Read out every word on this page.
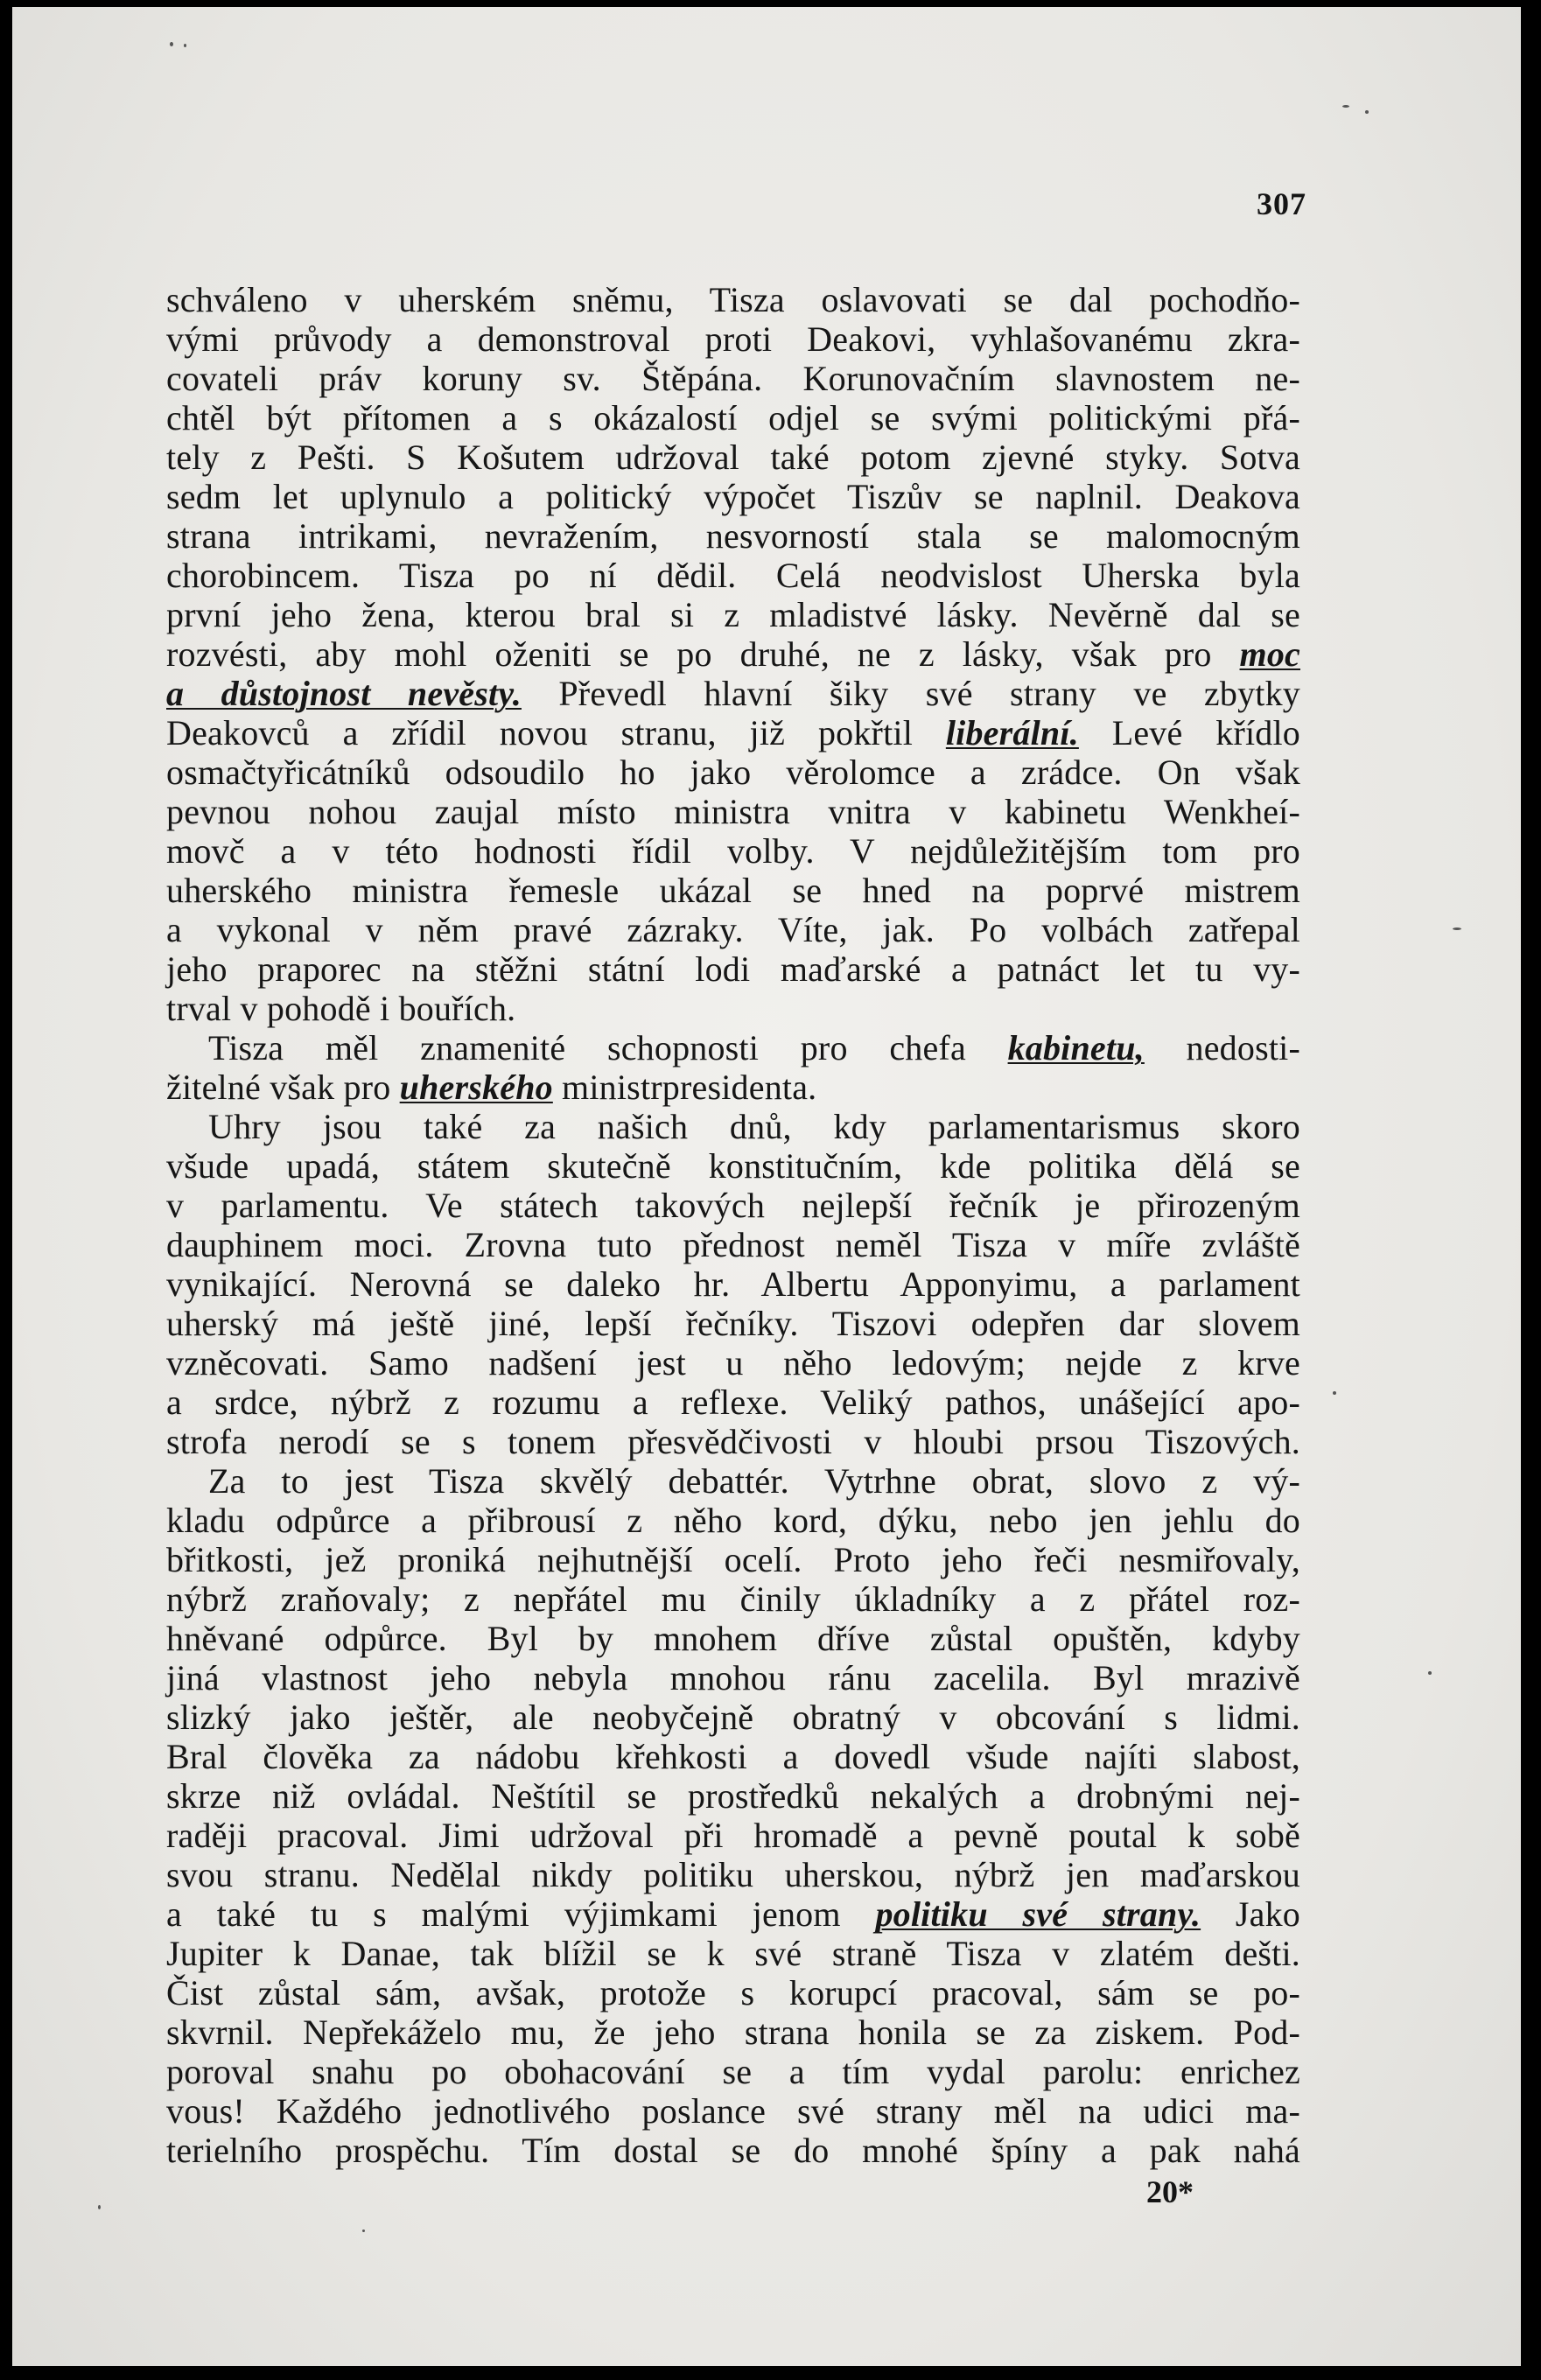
307
schváleno v uherském sněmu, Tisza oslavovati se dal pochodňo-
vými průvody a demonstroval proti Deakovi, vyhlašovanému zkra-
covateli práv koruny sv. Štěpána. Korunovačním slavnostem ne-
chtěl být přítomen a s okázalostí odjel se svými politickými přá-
tely z Pešti. S Košutem udržoval také potom zjevné styky. Sotva
sedm let uplynulo a politický výpočet Tiszův se naplnil. Deakova
strana intrikami, nevražením, nesvorností stala se malomocným
chorobincem. Tisza po ní dědil. Celá neodvislost Uherska byla
první jeho žena, kterou bral si z mladistvé lásky. Nevěrně dal se
rozvésti, aby mohl oženiti se po druhé, ne z lásky, však pro moc
a důstojnost nevěsty. Převedl hlavní šiky své strany ve zbytky
Deakovců a zřídil novou stranu, již pokřtil liberální. Levé křídlo
osmačtyřicátníků odsoudilo ho jako věrolomce a zrádce. On však
pevnou nohou zaujal místo ministra vnitra v kabinetu Wenkheí-
movč a v této hodnosti řídil volby. V nejdůležitějším tom pro
uherského ministra řemesle ukázal se hned na poprvé mistrem
a vykonal v něm pravé zázraky. Víte, jak. Po volbách zatřepal
jeho praporec na stěžni státní lodi maďarské a patnáct let tu vy-
trval v pohodě i bouřích.
Tisza měl znamenité schopnosti pro chefa kabinetu, nedosti-
žitelné však pro uherského ministrpresidenta.
Uhry jsou také za našich dnů, kdy parlamentarismus skoro
všude upadá, státem skutečně konstitučním, kde politika dělá se
v parlamentu. Ve státech takových nejlepší řečník je přirozeným
dauphinem moci. Zrovna tuto přednost neměl Tisza v míře zvláště
vynikající. Nerovná se daleko hr. Albertu Apponyimu, a parlament
uherský má ještě jiné, lepší řečníky. Tiszovi odepřen dar slovem
vzněcovati. Samo nadšení jest u něho ledovým; nejde z krve
a srdce, nýbrž z rozumu a reflexe. Veliký pathos, unášející apo-
strofa nerodí se s tonem přesvědčivosti v hloubi prsou Tiszových.
Za to jest Tisza skvělý debattér. Vytrhne obrat, slovo z vý-
kladu odpůrce a přibrousí z něho kord, dýku, nebo jen jehlu do
břitkosti, jež proniká nejhutnější ocelí. Proto jeho řeči nesmiřovaly,
nýbrž zraňovaly; z nepřátel mu činily úkladníky a z přátel roz-
hněvané odpůrce. Byl by mnohem dříve zůstal opuštěn, kdyby
jiná vlastnost jeho nebyla mnohou ránu zacelila. Byl mrazivě
slizký jako ještěr, ale neobyčejně obratný v obcování s lidmi.
Bral člověka za nádobu křehkosti a dovedl všude najíti slabost,
skrze niž ovládal. Neštítil se prostředků nekalých a drobnými nej-
raději pracoval. Jimi udržoval při hromadě a pevně poutal k sobě
svou stranu. Nedělal nikdy politiku uherskou, nýbrž jen maďarskou
a také tu s malými výjimkami jenom politiku své strany. Jako
Jupiter k Danae, tak blížil se k své straně Tisza v zlatém dešti.
Čist zůstal sám, avšak, protože s korupcí pracoval, sám se po-
skvrnil. Nepřekáželo mu, že jeho strana honila se za ziskem. Pod-
poroval snahu po obohacování se a tím vydal parolu: enrichez
vous! Každého jednotlivého poslance své strany měl na udici ma-
terielního prospěchu. Tím dostal se do mnohé špíny a pak nahá
20*
